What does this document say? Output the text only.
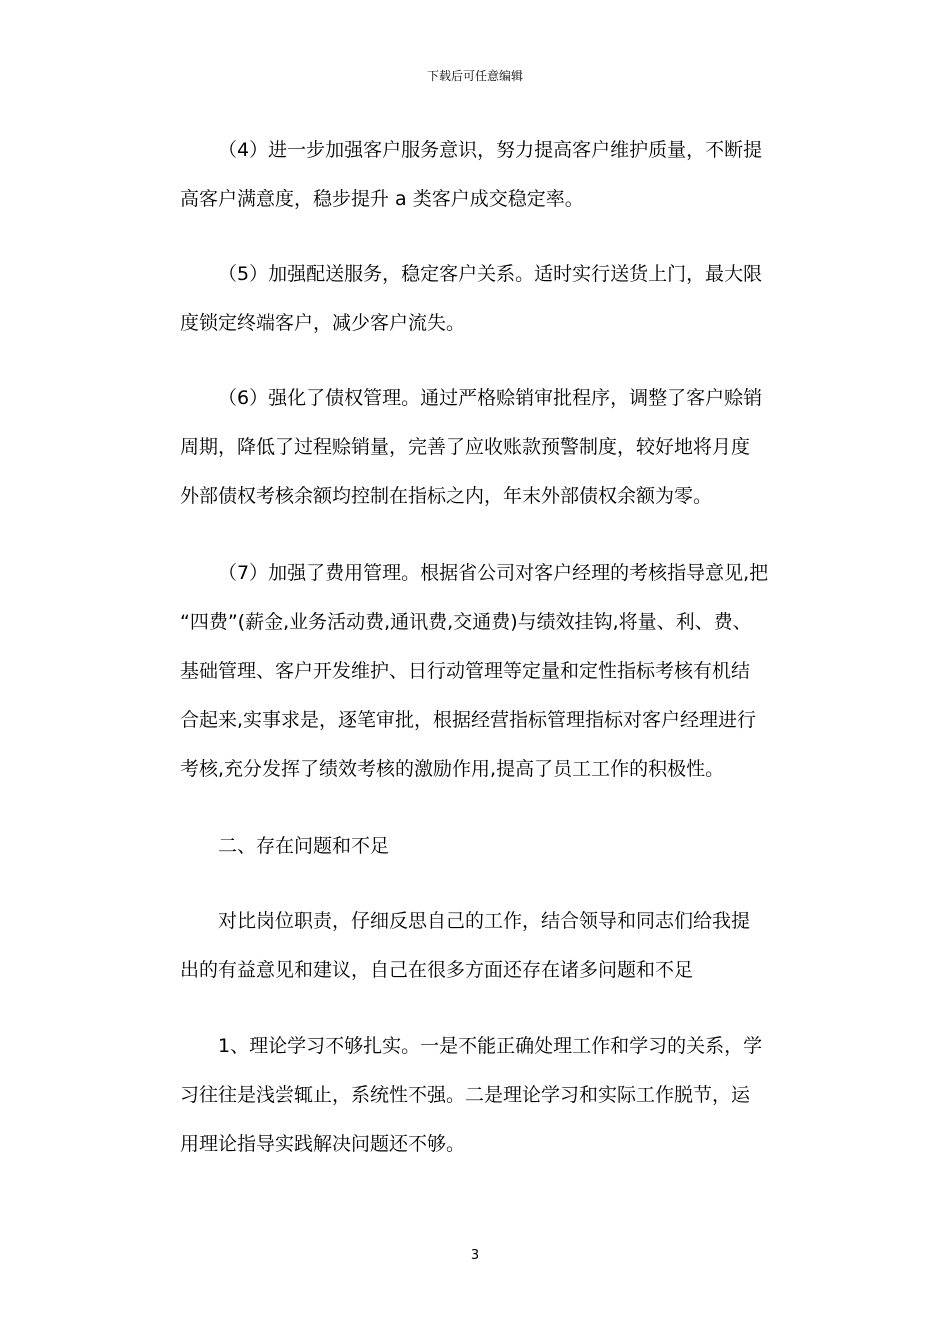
下载后可任意编辑
（4）进一步加强客户服务意识，努力提高客户维护质量，不断提
高客户满意度，稳步提升 a 类客户成交稳定率。
（5）加强配送服务，稳定客户关系。适时实行送货上门，最大限
度锁定终端客户，减少客户流失。
（6）强化了债权管理。通过严格赊销审批程序，调整了客户赊销
周期，降低了过程赊销量，完善了应收账款预警制度，较好地将月度
外部债权考核余额均控制在指标之内，年末外部债权余额为零。
（7）加强了费用管理。根据省公司对客户经理的考核指导意见,把
“四费”(薪金,业务活动费,通讯费,交通费)与绩效挂钩,将量、利、费、
基础管理、客户开发维护、日行动管理等定量和定性指标考核有机结
合起来,实事求是，逐笔审批，根据经营指标管理指标对客户经理进行
考核,充分发挥了绩效考核的激励作用,提高了员工工作的积极性。
二、存在问题和不足
对比岗位职责，仔细反思自己的工作，结合领导和同志们给我提
出的有益意见和建议，自己在很多方面还存在诸多问题和不足
1、理论学习不够扎实。一是不能正确处理工作和学习的关系，学
习往往是浅尝辄止，系统性不强。二是理论学习和实际工作脱节，运
用理论指导实践解决问题还不够。
3
